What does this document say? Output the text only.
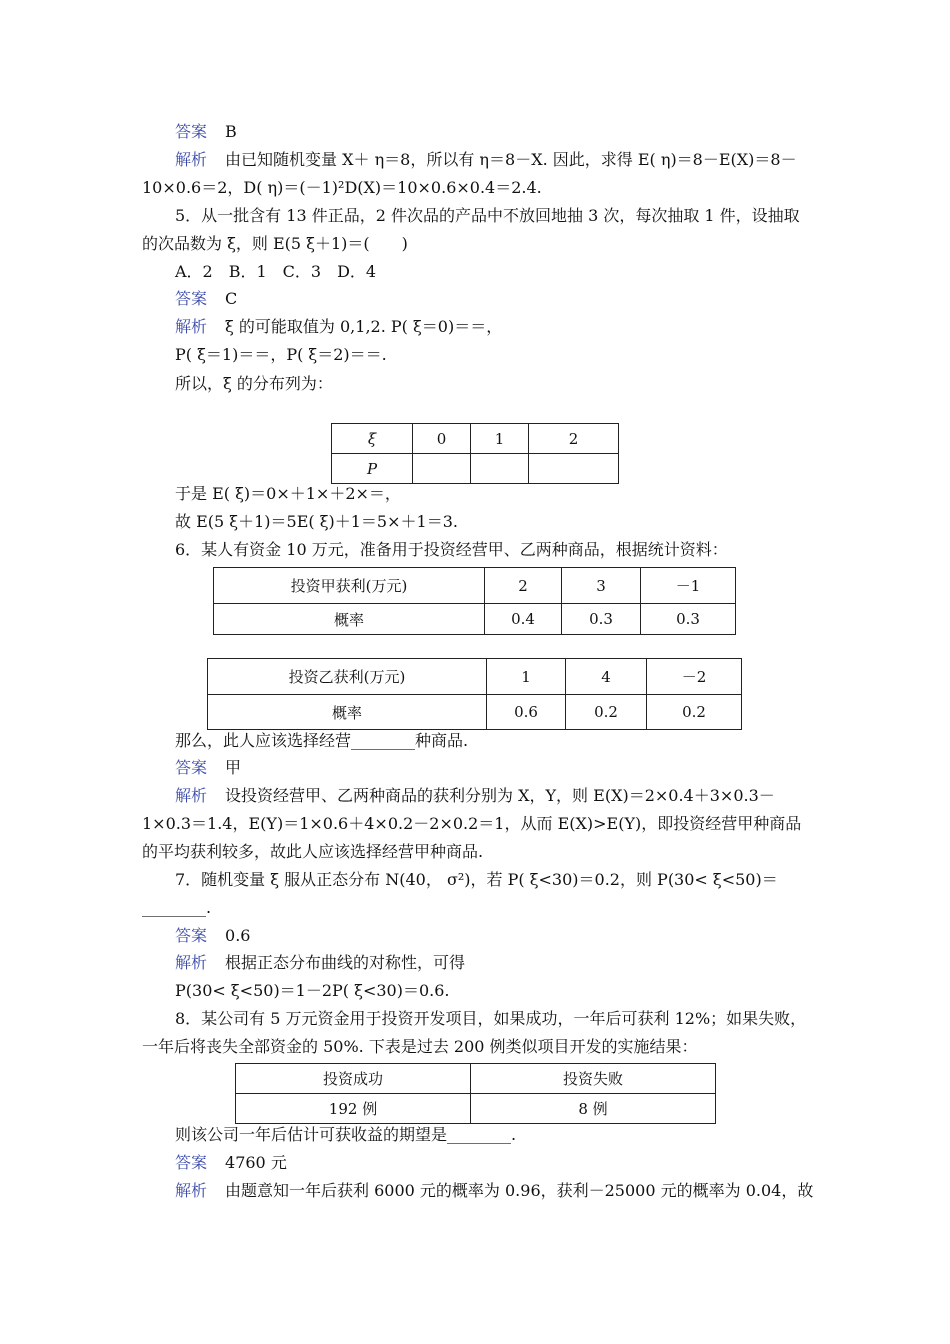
答案 B
解析 由已知随机变量 X＋ η＝8，所以有 η＝8－X. 因此，求得 E( η)＝8－E(X)＝8－
10×0.6＝2，D( η)＝(－1)²D(X)＝10×0.6×0.4＝2.4.
5．从一批含有 13 件正品，2 件次品的产品中不放回地抽 3 次，每次抽取 1 件，设抽取
的次品数为 ξ，则 E(5 ξ＋1)＝(　　)
A．2　B．1　C．3　D．4
答案 C
解析 ξ 的可能取值为 0,1,2. P( ξ＝0)＝＝，
P( ξ＝1)＝＝，P( ξ＝2)＝＝.
所以，ξ 的分布列为：
ξ	0	1	2
P			
于是 E( ξ)＝0×＋1×＋2×＝，
故 E(5 ξ＋1)＝5E( ξ)＋1＝5×＋1＝3.
6．某人有资金 10 万元，准备用于投资经营甲、乙两种商品，根据统计资料：
投资甲获利(万元)	2	3	－1
概率	0.4	0.3	0.3
投资乙获利(万元)	1	4	－2
概率	0.6	0.2	0.2
那么，此人应该选择经营________种商品.
答案 甲
解析 设投资经营甲、乙两种商品的获利分别为 X，Y，则 E(X)＝2×0.4＋3×0.3－
1×0.3＝1.4，E(Y)＝1×0.6＋4×0.2－2×0.2＝1，从而 E(X)>E(Y)，即投资经营甲种商品
的平均获利较多，故此人应该选择经营甲种商品.
7．随机变量 ξ 服从正态分布 N(40， σ²)，若 P( ξ<30)＝0.2，则 P(30< ξ<50)＝
________.
答案 0.6
解析 根据正态分布曲线的对称性，可得
P(30< ξ<50)＝1－2P( ξ<30)＝0.6.
8．某公司有 5 万元资金用于投资开发项目，如果成功，一年后可获利 12%；如果失败，
一年后将丧失全部资金的 50%. 下表是过去 200 例类似项目开发的实施结果：
投资成功	投资失败
192 例	8 例
则该公司一年后估计可获收益的期望是________.
答案 4760 元
解析 由题意知一年后获利 6000 元的概率为 0.96，获利－25000 元的概率为 0.04，故
